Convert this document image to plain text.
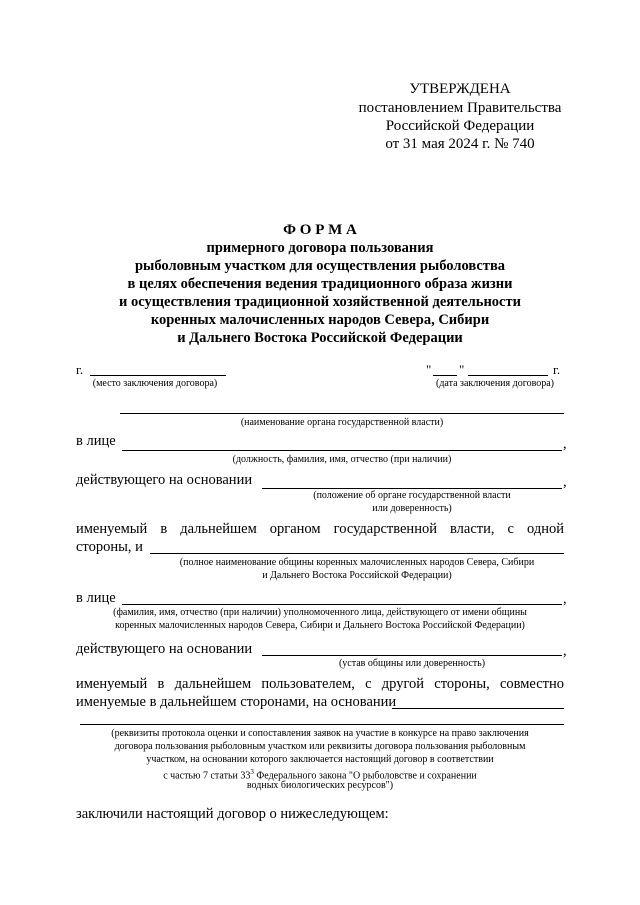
УТВЕРЖДЕНА
постановлением Правительства
Российской Федерации
от 31 мая 2024 г. № 740
Ф О Р М А
примерного договора пользования
рыболовным участком для осуществления рыболовства
в целях обеспечения ведения традиционного образа жизни
и осуществления традиционной хозяйственной деятельности
коренных малочисленных народов Севера, Сибири
и Дальнего Востока Российской Федерации
г.
(место заключения договора)
" "	г.
(дата заключения договора)
(наименование органа государственной власти)
в лице	,
(должность, фамилия, имя, отчество (при наличии)
действующего на основании	,
(положение об органе государственной власти
или доверенность)
именуемый в дальнейшем органом государственной власти, с одной
стороны, и
(полное наименование общины коренных малочисленных народов Севера, Сибири
и Дальнего Востока Российской Федерации)
в лице	,
(фамилия, имя, отчество (при наличии) уполномоченного лица, действующего от имени общины
коренных малочисленных народов Севера, Сибири и Дальнего Востока Российской Федерации)
действующего на основании	,
(устав общины или доверенность)
именуемый в дальнейшем пользователем, с другой стороны, совместно
именуемые в дальнейшем сторонами, на основании
(реквизиты протокола оценки и сопоставления заявок на участие в конкурсе на право заключения
договора пользования рыболовным участком или реквизиты договора пользования рыболовным
участком, на основании которого заключается настоящий договор в соответствии
с частью 7 статьи $33^3$ Федерального закона "О рыболовстве и сохранении
водных биологических ресурсов")
заключили настоящий договор о нижеследующем:
